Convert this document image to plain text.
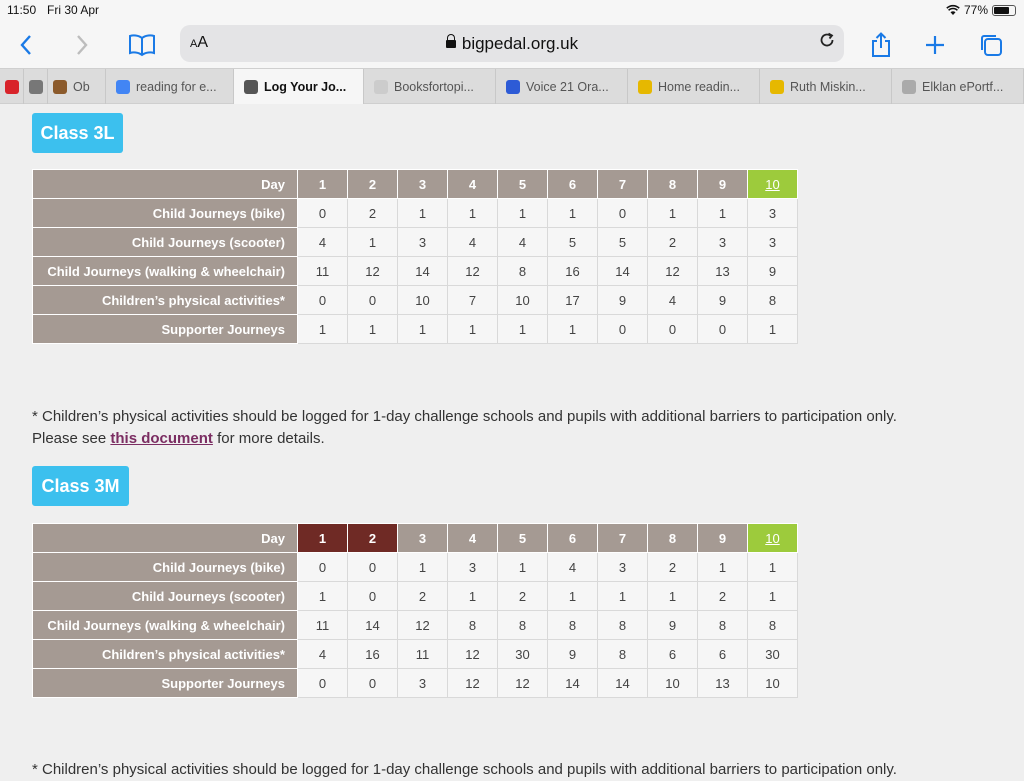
11:50 Fri 30 Apr	77%
AA	bigpedal.org.uk
Ob	reading for e...	Log Your Jo...	Booksfortopi...	Voice 21 Ora...	Home readin...	Ruth Miskin...	Elklan ePortf...
Class 3L
Day	1	2	3	4	5	6	7	8	9	10
Child Journeys (bike)	0	2	1	1	1	1	0	1	1	3
Child Journeys (scooter)	4	1	3	4	4	5	5	2	3	3
Child Journeys (walking & wheelchair)	11	12	14	12	8	16	14	12	13	9
Children’s physical activities*	0	0	10	7	10	17	9	4	9	8
Supporter Journeys	1	1	1	1	1	1	0	0	0	1
* Children’s physical activities should be logged for 1-day challenge schools and pupils with additional barriers to participation only.
Please see this document for more details.
Class 3M
Day	1	2	3	4	5	6	7	8	9	10
Child Journeys (bike)	0	0	1	3	1	4	3	2	1	1
Child Journeys (scooter)	1	0	2	1	2	1	1	1	2	1
Child Journeys (walking & wheelchair)	11	14	12	8	8	8	8	9	8	8
Children’s physical activities*	4	16	11	12	30	9	8	6	6	30
Supporter Journeys	0	0	3	12	12	14	14	10	13	10
* Children’s physical activities should be logged for 1-day challenge schools and pupils with additional barriers to participation only.
